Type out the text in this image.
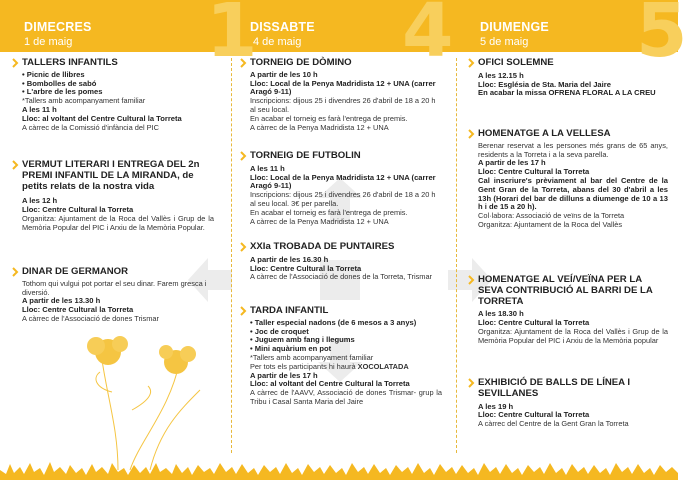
1 4 5
DIMECRES
1 de maig
DISSABTE
4 de maig
DIUMENGE
5 de maig
TALLERS INFANTILS
• Picnic de llibres
• Bombolles de sabó
• L'arbre de les pomes
*Tallers amb acompanyament familiar
A les 11 h
Lloc: al voltant del Centre Cultural la Torreta
A càrrec de la Comissió d'infància del PIC
VERMUT LITERARI I ENTREGA DEL 2n PREMI INFANTIL DE LA MIRANDA, de petits relats de la nostra vida
A les 12 h
Lloc: Centre Cultural la Torreta
Organitza: Ajuntament de la Roca del Vallès i Grup de la Memòria Popular del PIC i Arxiu de la Memòria Popular.
DINAR DE GERMANOR
Tothom qui vulgui pot portar el seu dinar. Farem gresca i diversió.
A partir de les 13.30 h
Lloc: Centre Cultural la Torreta
A càrrec de l'Associació de dones Trismar
TORNEIG DE DÒMINO
A partir de les 10 h
Lloc: Local de la Penya Madridista 12 + UNA (carrer Aragó 9-11)
Inscripcions: dijous 25 i divendres 26 d'abril de 18 a 20 h al seu local.
En acabar el torneig es farà l'entrega de premis.
A càrrec de la Penya Madridista 12 + UNA
TORNEIG DE FUTBOLIN
A les 11 h
Lloc: Local de la Penya Madridista 12 + UNA (carrer Aragó 9-11)
Inscripcions: dijous 25 i divendres 26 d'abril de 18 a 20 h al seu local. 3€ per parella.
En acabar el torneig es farà l'entrega de premis.
A càrrec de la Penya Madridista 12 + UNA
XXIa TROBADA DE PUNTAIRES
A partir de les 16.30 h
Lloc: Centre Cultural la Torreta
A càrrec de l'Associació de dones de la Torreta, Trismar
TARDA INFANTIL
• Taller especial nadons (de 6 mesos a 3 anys)
• Joc de croquet
• Juguem amb fang i llegums
• Mini aquàrium en pot
*Tallers amb acompanyament familiar
Per tots els participants hi haurà XOCOLATADA
A partir de les 17 h
Lloc: al voltant del Centre Cultural la Torreta
A càrrec de l'AAVV, Associació de dones Trismar- grup la Tribu i Casal Santa Maria del Jaire
OFICI SOLEMNE
A les 12.15 h
Lloc: Església de Sta. Maria del Jaire
En acabar la missa OFRENA FLORAL A LA CREU
HOMENATGE A LA VELLESA
Berenar reservat a les persones més grans de 65 anys, residents a la Torreta i a la seva parella.
A partir de les 17 h
Lloc: Centre Cultural la Torreta
Cal inscriure's prèviament al bar del Centre de la Gent Gran de la Torreta, abans del 30 d'abril a les 13h (Horari del bar de dilluns a diumenge de 10 a 13 h i de 15 a 20 h).
Col·labora: Associació de veïns de la Torreta
Organitza: Ajuntament de la Roca del Vallès
HOMENATGE AL VEÍ/VEÏNA PER LA SEVA CONTRIBUCIÓ AL BARRI DE LA TORRETA
A les 18.30 h
Lloc: Centre Cultural la Torreta
Organitza: Ajuntament de la Roca del Vallès i Grup de la Memòria Popular del PIC i Arxiu de la Memòria popular
EXHIBICIÓ DE BALLS DE LÍNEA I SEVILLANES
A les 19 h
Lloc: Centre Cultural la Torreta
A càrrec del Centre de la Gent Gran la Torreta
